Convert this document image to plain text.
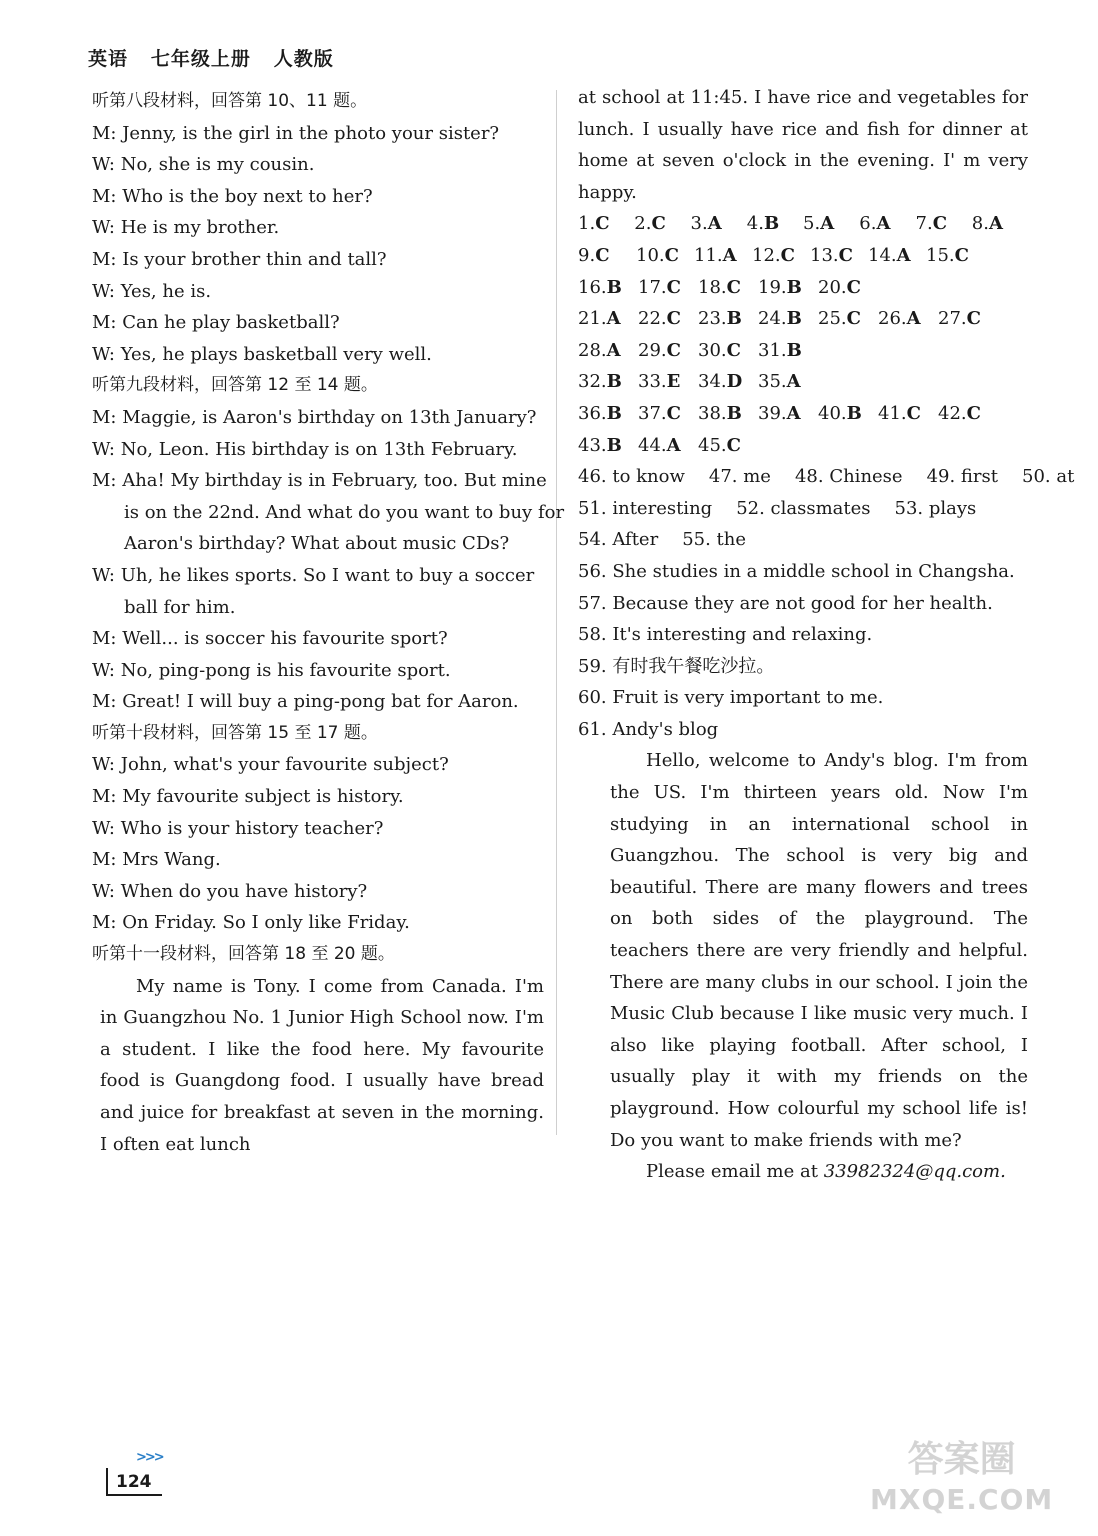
英语   七年级上册   人教版
听第八段材料，回答第 10、11 题。
M: Jenny, is the girl in the photo your sister?
W: No, she is my cousin.
M: Who is the boy next to her?
W: He is my brother.
M: Is your brother thin and tall?
W: Yes, he is.
M: Can he play basketball?
W: Yes, he plays basketball very well.
听第九段材料，回答第 12 至 14 题。
M: Maggie, is Aaron's birthday on 13th January?
W: No, Leon. His birthday is on 13th February.
M: Aha! My birthday is in February, too. But mine
is on the 22nd. And what do you want to buy for
Aaron's birthday? What about music CDs?
W: Uh, he likes sports. So I want to buy a soccer
ball for him.
M: Well... is soccer his favourite sport?
W: No, ping-pong is his favourite sport.
M: Great! I will buy a ping-pong bat for Aaron.
听第十段材料，回答第 15 至 17 题。
W: John, what's your favourite subject?
M: My favourite subject is history.
W: Who is your history teacher?
M: Mrs Wang.
W: When do you have history?
M: On Friday. So I only like Friday.
听第十一段材料，回答第 18 至 20 题。
My name is Tony. I come from Canada. I'm in Guangzhou No. 1 Junior High School now. I'm a student. I like the food here. My favourite food is Guangdong food. I usually have bread and juice for breakfast at seven in the morning. I often eat lunch
at school at 11:45. I have rice and vegetables for lunch. I usually have rice and fish for dinner at home at seven o'clock in the evening. I' m very happy.
1.C	2.C	3.A	4.B	5.A	6.A	7.C	8.A
9.C	10.C 11.A 12.C 13.C 14.A 15.C
16.B 17.C 18.C 19.B 20.C
21.A 22.C 23.B 24.B 25.C 26.A 27.C
28.A 29.C 30.C 31.B
32.B 33.E 34.D 35.A
36.B 37.C 38.B 39.A 40.B 41.C 42.C
43.B 44.A 45.C
46. to know 47. me 48. Chinese 49. first 50. at
51. interesting 52. classmates 53. plays
54. After 55. the
56. She studies in a middle school in Changsha.
57. Because they are not good for her health.
58. It's interesting and relaxing.
59. 有时我午餐吃沙拉。
60. Fruit is very important to me.
61. Andy's blog
Hello, welcome to Andy's blog. I'm from the US. I'm thirteen years old. Now I'm studying in an international school in Guangzhou. The school is very big and beautiful. There are many flowers and trees on both sides of the playground. The teachers there are very friendly and helpful. There are many clubs in our school. I join the Music Club because I like music very much. I also like playing football. After school, I usually play it with my friends on the playground. How colourful my school life is! Do you want to make friends with me?
Please email me at 33982324@qq.com.
>>>
124
答案圈
MXQE.COM
